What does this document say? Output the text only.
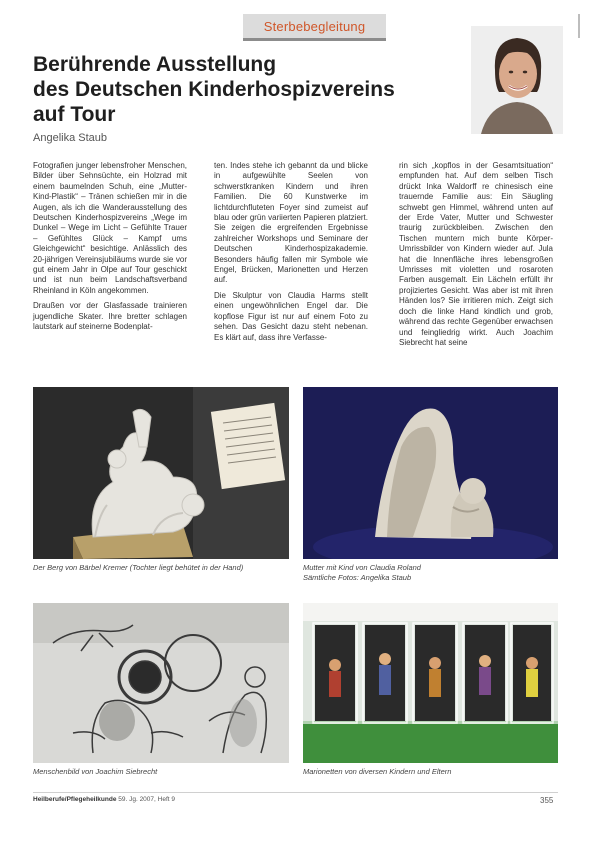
Sterbebegleitung
Berührende Ausstellung
des Deutschen Kinderhospizvereins
auf Tour
Angelika Staub

Fotografien junger lebensfroher Menschen, Bilder über Sehnsüchte, ein Holzrad mit einem baumelnden Schuh, eine „Mutter-Kind-Plastik“ – Tränen schießen mir in die Augen, als ich die Wanderausstellung des Deutschen Kinderhospizvereins „Wege im Dunkel – Wege im Licht – Gefühlte Trauer – Gefühltes Glück – Kampf ums Gleichgewicht“ besichtige. Anlässlich des 20-jährigen Vereinsjubiläums wurde sie vor gut einem Jahr in Olpe auf Tour geschickt und ist nun beim Landschaftsverband Rheinland in Köln angekommen.

Draußen vor der Glasfassade trainieren jugendliche Skater. Ihre bretter schlagen lautstark auf steinerne Bodenplat-

ten. Indes stehe ich gebannt da und blicke in aufgewühlte Seelen von schwerstkranken Kindern und ihren Familien. Die 60 Kunstwerke im lichtdurchfluteten Foyer sind zumeist auf blau oder grün variierten Papieren platziert. Sie zeigen die ergreifenden Ergebnisse zahlreicher Workshops und Seminare der Deutschen Kinderhospizakademie. Besonders häufig fallen mir Symbole wie Engel, Brücken, Marionetten und Herzen auf.

Die Skulptur von Claudia Harms stellt einen ungewöhnlichen Engel dar. Die kopflose Figur ist nur auf einem Foto zu sehen. Das Gesicht dazu steht nebenan. Es klärt auf, dass ihre Verfasse-

rin sich „kopflos in der Gesamtsituation“ empfunden hat. Auf dem selben Tisch drückt Inka Waldorff re chinesisch eine trauernde Familie aus: Ein Säugling schwebt gen Himmel, während unten auf der Erde Vater, Mutter und Schwester traurig zurückbleiben. Zwischen den Tischen muntern mich bunte Körper-Umrissbilder von Kindern wieder auf. Jula hat die Innenfläche ihres lebensgroßen Umrisses mit violetten und rosaroten Farben ausgemalt. Ein Lächeln erfüllt ihr projiziertes Gesicht. Was aber ist mit ihren Händen los? Sie irritieren mich. Zeigt sich doch die linke Hand kindlich und grob, während das rechte Gegenüber erwachsen und feingliedrig wirkt. Auch Joachim Siebrecht hat seine

Der Berg von Bärbel Kremer (Tochter liegt behütet in der Hand)	Mutter mit Kind von Claudia Roland
Sämtliche Fotos: Angelika Staub
Menschenbild von Joachim Siebrecht	Marionetten von diversen Kindern und Eltern
Heilberufe/Pflegeheilkunde 59. Jg. 2007, Heft 9	355
